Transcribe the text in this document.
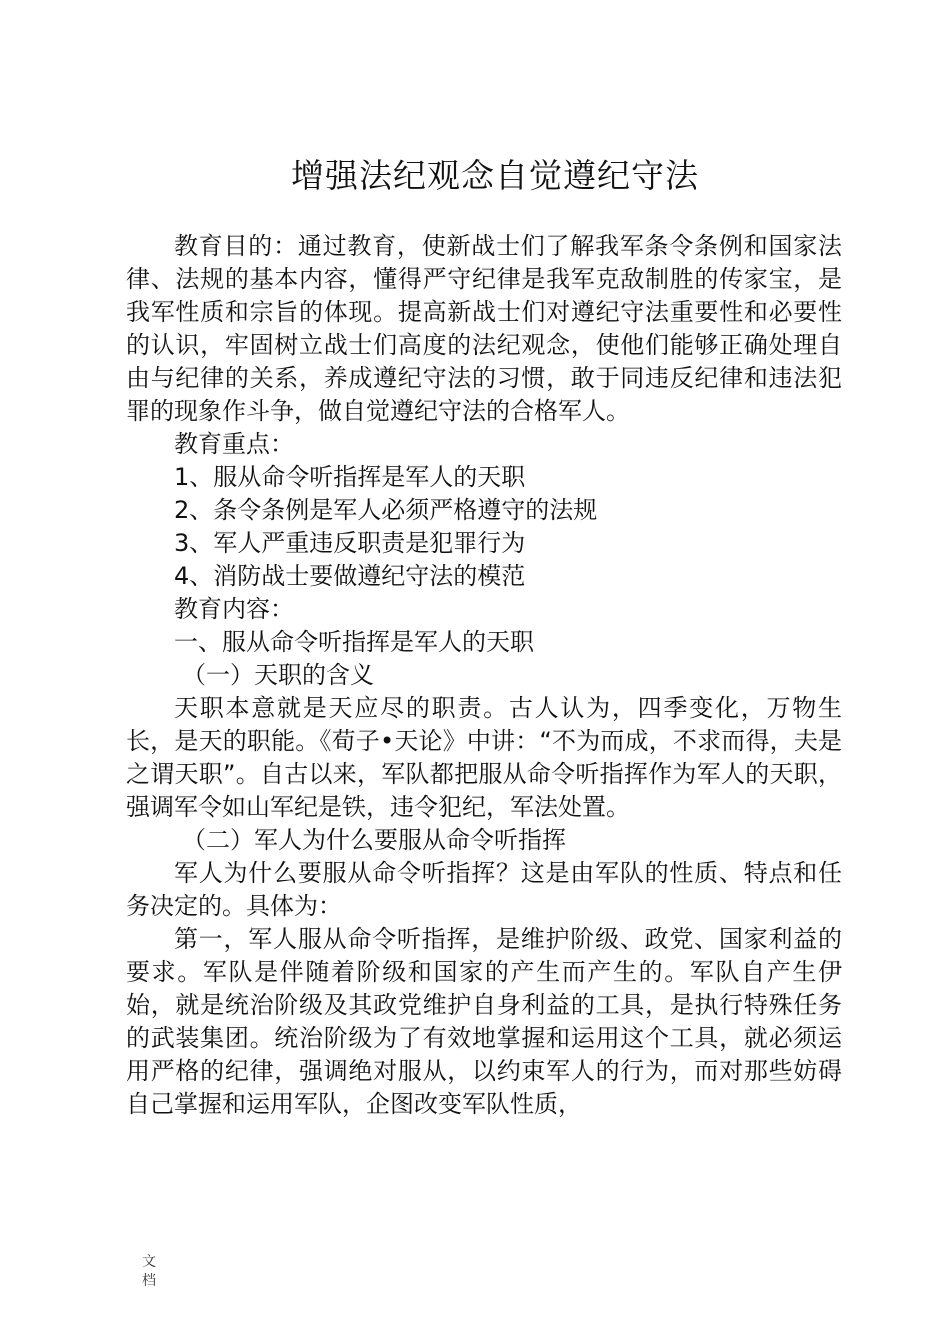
增强法纪观念自觉遵纪守法

教育目的：通过教育，使新战士们了解我军条令条例和国家法律、法规的基本内容，懂得严守纪律是我军克敌制胜的传家宝，是我军性质和宗旨的体现。提高新战士们对遵纪守法重要性和必要性的认识，牢固树立战士们高度的法纪观念，使他们能够正确处理自由与纪律的关系，养成遵纪守法的习惯，敢于同违反纪律和违法犯罪的现象作斗争，做自觉遵纪守法的合格军人。

教育重点：

1、服从命令听指挥是军人的天职

2、条令条例是军人必须严格遵守的法规

3、军人严重违反职责是犯罪行为

4、消防战士要做遵纪守法的模范

教育内容：

一、服从命令听指挥是军人的天职

（一）天职的含义

天职本意就是天应尽的职责。古人认为，四季变化，万物生长，是天的职能。《荀子•天论》中讲：“不为而成，不求而得，夫是之谓天职”。自古以来，军队都把服从命令听指挥作为军人的天职，强调军令如山军纪是铁，违令犯纪，军法处置。

（二）军人为什么要服从命令听指挥

军人为什么要服从命令听指挥？这是由军队的性质、特点和任务决定的。具体为：

第一，军人服从命令听指挥，是维护阶级、政党、国家利益的要求。军队是伴随着阶级和国家的产生而产生的。军队自产生伊始，就是统治阶级及其政党维护自身利益的工具，是执行特殊任务的武装集团。统治阶级为了有效地掌握和运用这个工具，就必须运用严格的纪律，强调绝对服从，以约束军人的行为，而对那些妨碍自己掌握和运用军队，企图改变军队性质，

文
档
